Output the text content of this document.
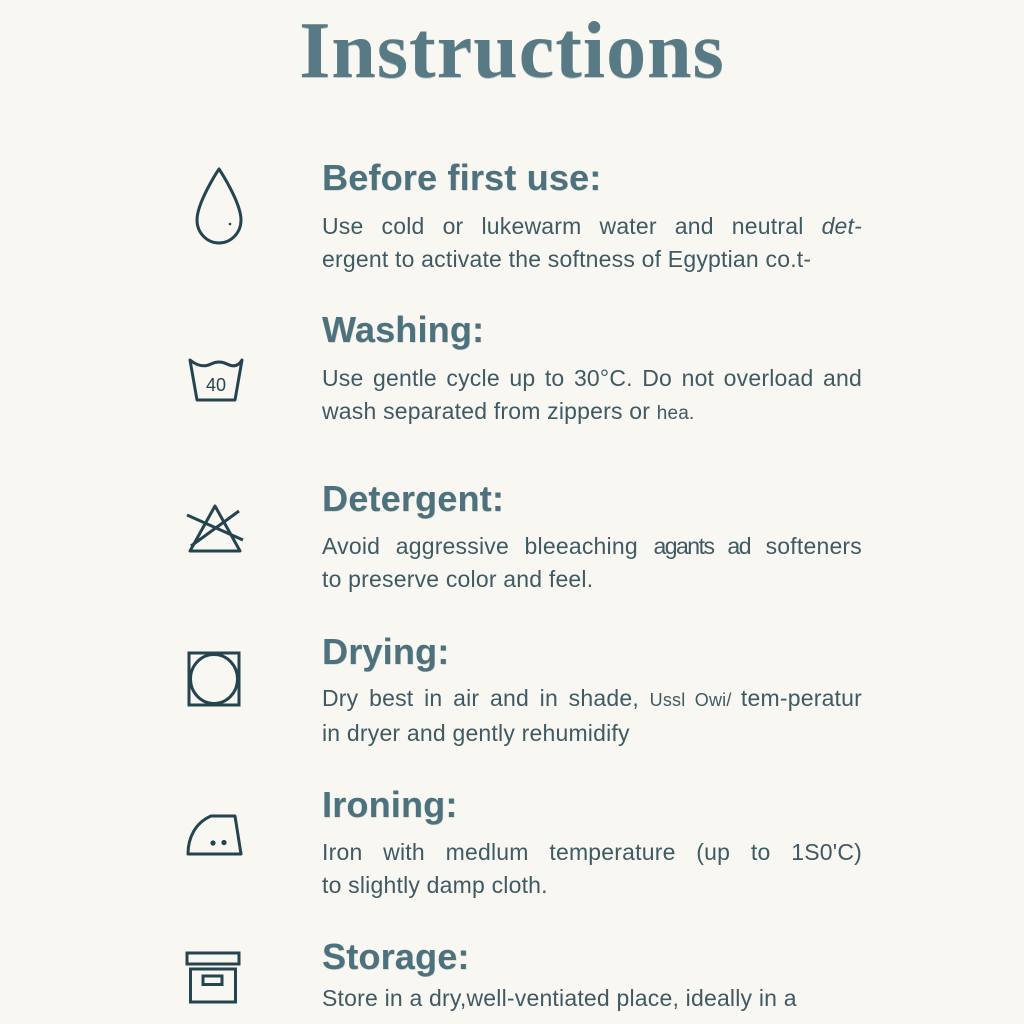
Instructions
Before first use:
Use cold or lukewarm water and neutral det-
ergent to activate the softness of Egyptian co.t-
40
Washing:
Use gentle cycle up to 30°C. Do not overload and
wash separated from zippers or hea.
Detergent:
Avoid aggressive bleeaching agants ad softeners
to preserve color and feel.
Drying:
Dry best in air and in shade, Ussl Owi/ tem-peratur
in dryer and gently rehumidify
Ironing:
Iron with medlum temperature (up to 1S0'C)
to slightly damp cloth.
Storage:
Store in a dry,well-ventiated place, ideally in a
